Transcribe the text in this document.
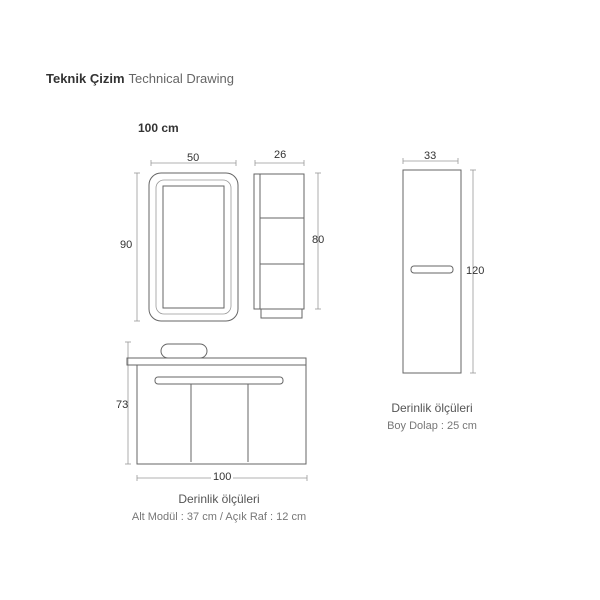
Teknik Çizim Technical Drawing
100 cm
50
90
26
80
33
120
73
100
Derinlik ölçüleri
Boy Dolap : 25 cm
Derinlik ölçüleri
Alt Modül : 37 cm / Açık Raf : 12 cm
